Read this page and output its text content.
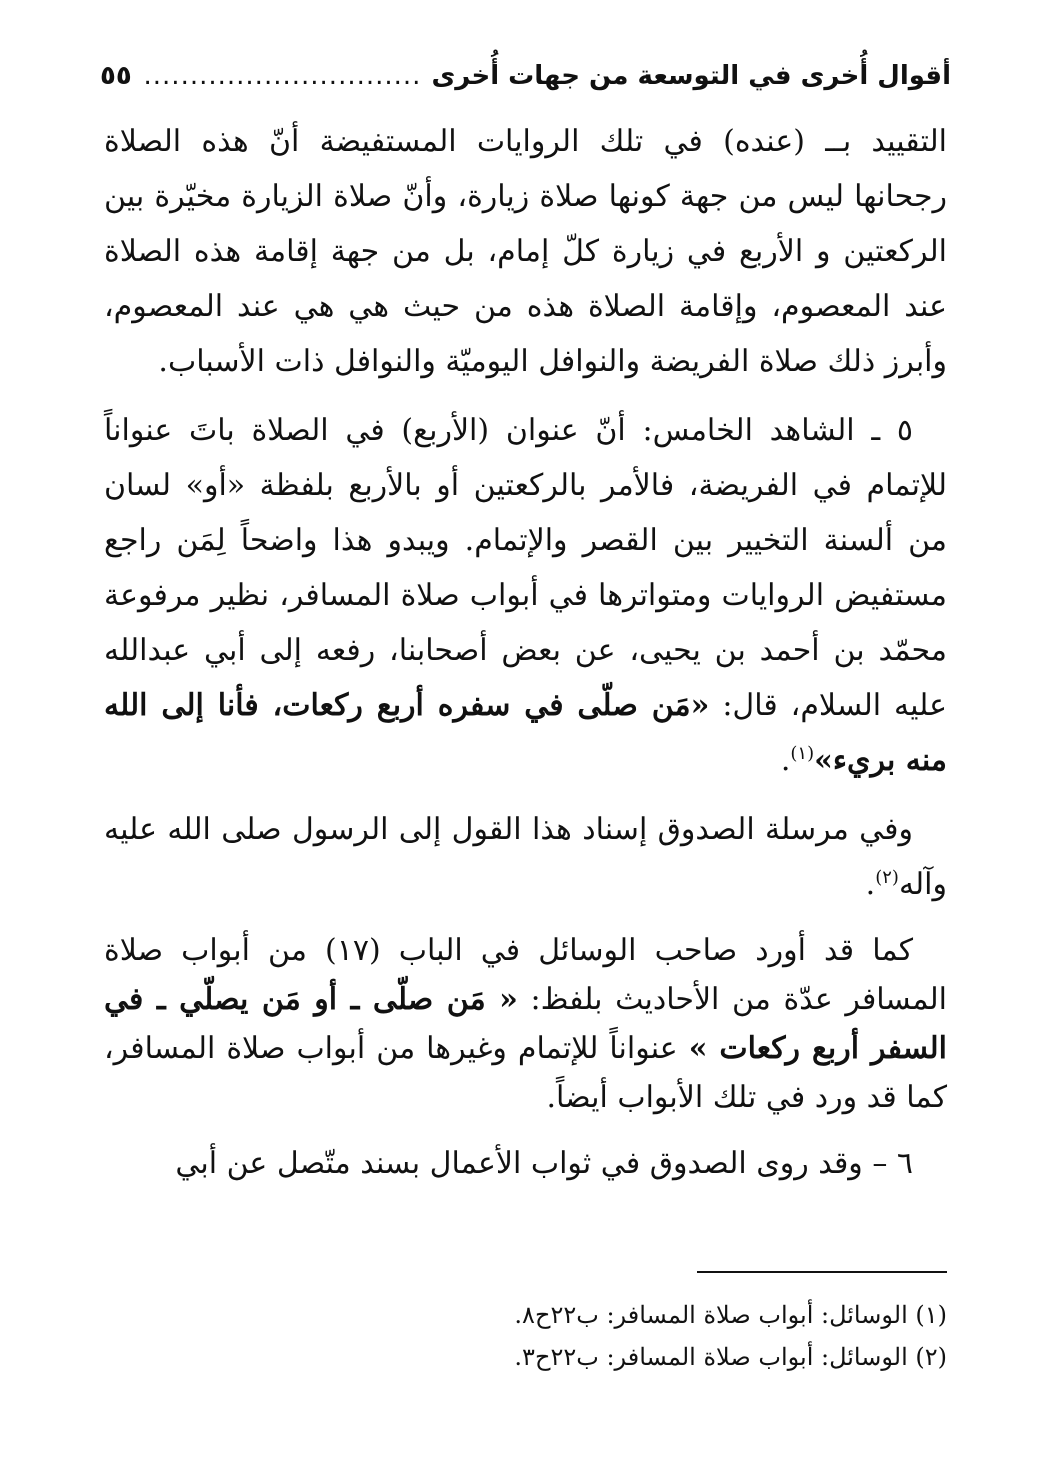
أقوال أُخرى في التوسعة من جهات أُخرى
.....
٥٥

التقييد بــ (عنده) في تلك الروايات المستفيضة أنّ هذه الصلاة رجحانها ليس من جهة كونها صلاة زيارة، وأنّ صلاة الزيارة مخيّرة بين الركعتين و الأربع في زيارة كلّ إمام، بل من جهة إقامة هذه الصلاة عند المعصوم، وإقامة الصلاة هذه من حيث هي هي عند المعصوم، وأبرز ذلك صلاة الفريضة والنوافل اليوميّة والنوافل ذات الأسباب.

٥ ـ الشاهد الخامس: أنّ عنوان (الأربع) في الصلاة باتَ عنواناً للإتمام في الفريضة، فالأمر بالركعتين أو بالأربع بلفظة «أو» لسان من ألسنة التخيير بين القصر والإتمام. ويبدو هذا واضحاً لِمَن راجع مستفيض الروايات ومتواترها في أبواب صلاة المسافر، نظير مرفوعة محمّد بن أحمد بن يحيى، عن بعض أصحابنا، رفعه إلى أبي عبدالله عليه السلام، قال: «مَن صلّى في سفره أربع ركعات، فأنا إلى الله منه بريء»$^{(١)}$.

وفي مرسلة الصدوق إسناد هذا القول إلى الرسول صلى الله عليه وآله$^{(٢)}$.

كما قد أورد صاحب الوسائل في الباب (١٧) من أبواب صلاة المسافر عدّة من الأحاديث بلفظ: « مَن صلّى ـ أو مَن يصلّي ـ في السفر أربع ركعات » عنواناً للإتمام وغيرها من أبواب صلاة المسافر، كما قد ورد في تلك الأبواب أيضاً.

٦ – وقد روى الصدوق في ثواب الأعمال بسند متّصل عن أبي

(١) الوسائل: أبواب صلاة المسافر: ب٢٢ح٨.
(٢) الوسائل: أبواب صلاة المسافر: ب٢٢ح٣.
